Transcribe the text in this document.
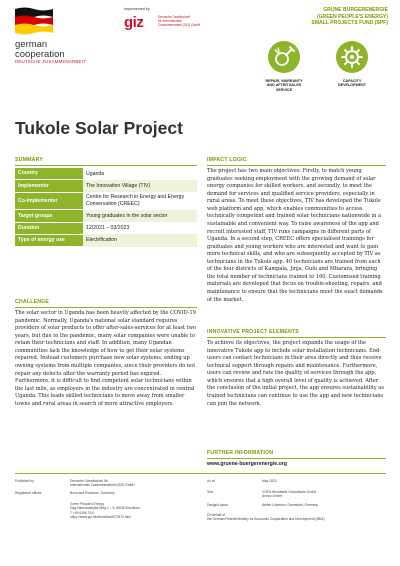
german
cooperation
DEUTSCHE ZUSAMMENARBEIT
Implemented by
giz	Deutsche Gesellschaft
für Internationale
Zusammenarbeit (GIZ) GmbH
GRÜNE BÜRGERENERGIE
(GREEN PEOPLE'S ENERGY)
SMALL PROJECTS FUND (SPF)
REPAIR, WARRANTY
AND AFTER SALES
SERVICE
CAPACITY
DEVELOPMENT
Tukole Solar Project
SUMMARY
Country	Uganda
Implementer	The Innovation Village (TIV)
Co-implementer	Centre for Research in Energy and Energy Conservation (CREEC)
Target groups	Young graduates in the solar sector
Duration	12/2021 – 03/2023
Type of energy use	Electrification
CHALLENGE
The solar sector in Uganda has been heavily affected by the COVID-19 pandemic. Normally, Uganda's national solar standard requires providers of solar products to offer after-sales-services for at least two years, but due to the pandemic, many solar companies were unable to retain their technicians and staff. In addition, many Ugandan communities lack the knowledge of how to get their solar systems repaired. Instead customers purchase new solar systems, ending up owning systems from multiple companies, since their providers do not repair any defects after the warranty period has expired. Furthermore, it is difficult to find competent solar technicians within the last mile, as employers in the industry are concentrated in central Uganda. This leads skilled technicians to move away from smaller towns and rural areas in search of more attractive employers.
IMPACT LOGIC
The project has two main objectives: Firstly, to match young graduates seeking employment with the growing demand of solar energy companies for skilled workers, and secondly, to meet the demand for services and qualified service providers, especially in rural areas. To meet these objectives, TIV has developed the Tukole web platform and app, which enables communities to access technically competent and trained solar technicians nationwide in a sustainable and convenient way. To raise awareness of the app and recruit interested staff, TIV runs campaigns in different parts of Uganda. In a second step, CREEC offers specialised trainings for graduates and young workers who are interested and want to gain more technical skills, and who are subsequently accepted by TIV as technicians in the Tukole app. 40 technicians are trained from each of the four districts of Kampala, Jinja, Gulu and Mbarara, bringing the total number of technicians trained to 160. Customised training materials are developed that focus on trouble-shooting, repairs, and maintenance to ensure that the technicians meet the exact demands of the market.
INNOVATIVE PROJECT ELEMENTS
To achieve its objectives, the project expands the usage of the innovative Tukole app to include solar installation technicians. End-users can contact technicians in their area directly and thus receive technical support through repairs and maintenance. Furthermore, users can review and rate the quality of services through the app, which ensures that a high overall level of quality is achieved. After the conclusion of the initial project, the app ensures sustainability as trained technicians can continue to use the app and new technicians can join the network.
FURTHER INFORMATION
www.gruene-buergerenergie.org
Published by	Deutsche Gesellschaft für
Internationale Zusammenarbeit (GIZ) GmbH
Registered offices	Bonn and Eschborn, Germany
Green People's Energy
Dag-Hammarskjöld-Weg 1 – 5, 65760 Eschborn
T +49 6196 79-0
https://www.giz.de/de/weltweit/77672.html
As at	May 2023
Text	GOPA Worldwide Consultants GmbH,
Anepo GmbH
Design/Layout	Atelier Löwentor, Darmstadt, Germany
On behalf of
the German Federal Ministry for Economic Cooperation and Development (BMZ)
